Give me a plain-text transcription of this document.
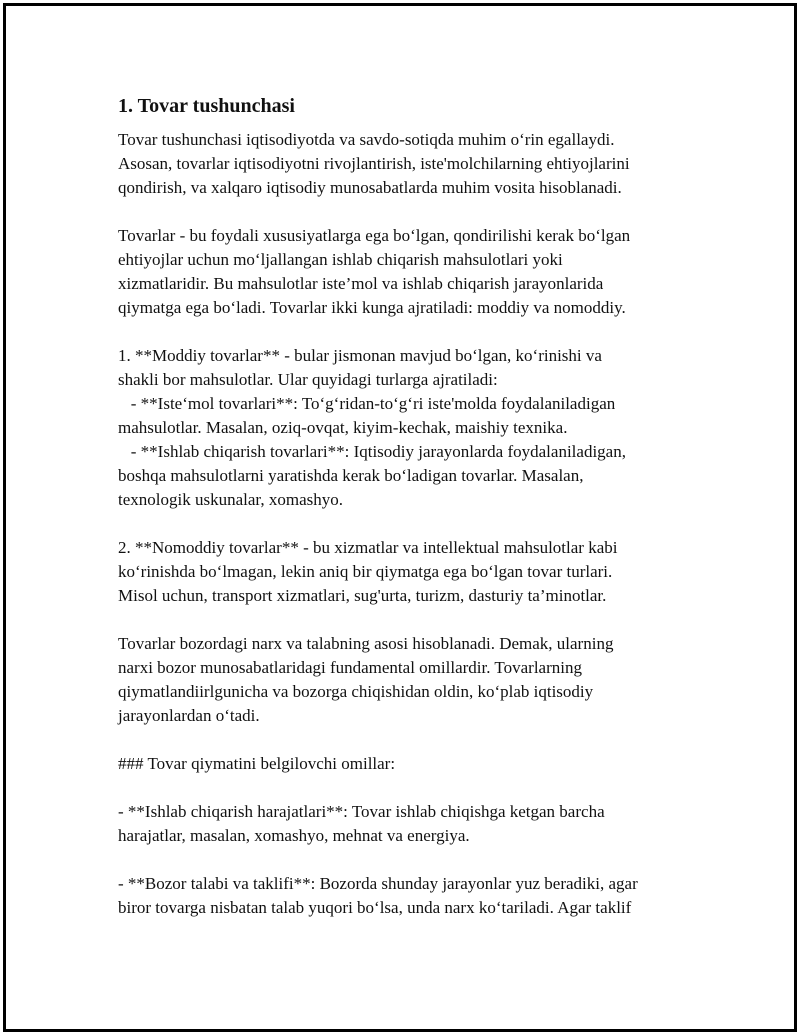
1. Tovar tushunchasi
Tovar tushunchasi iqtisodiyotda va savdo-sotiqda muhim o‘rin egallaydi.
Asosan, tovarlar iqtisodiyotni rivojlantirish, iste'molchilarning ehtiyojlarini
qondirish, va xalqaro iqtisodiy munosabatlarda muhim vosita hisoblanadi.
Tovarlar - bu foydali xususiyatlarga ega bo‘lgan, qondirilishi kerak bo‘lgan
ehtiyojlar uchun mo‘ljallangan ishlab chiqarish mahsulotlari yoki
xizmatlaridir. Bu mahsulotlar iste’mol va ishlab chiqarish jarayonlarida
qiymatga ega bo‘ladi. Tovarlar ikki kunga ajratiladi: moddiy va nomoddiy.
1. **Moddiy tovarlar** - bular jismonan mavjud bo‘lgan, ko‘rinishi va
shakli bor mahsulotlar. Ular quyidagi turlarga ajratiladi:
- **Iste‘mol tovarlari**: To‘g‘ridan-to‘g‘ri iste'molda foydalaniladigan
mahsulotlar. Masalan, oziq-ovqat, kiyim-kechak, maishiy texnika.
- **Ishlab chiqarish tovarlari**: Iqtisodiy jarayonlarda foydalaniladigan,
boshqa mahsulotlarni yaratishda kerak bo‘ladigan tovarlar. Masalan,
texnologik uskunalar, xomashyo.
2. **Nomoddiy tovarlar** - bu xizmatlar va intellektual mahsulotlar kabi
ko‘rinishda bo‘lmagan, lekin aniq bir qiymatga ega bo‘lgan tovar turlari.
Misol uchun, transport xizmatlari, sug'urta, turizm, dasturiy ta’minotlar.
Tovarlar bozordagi narx va talabning asosi hisoblanadi. Demak, ularning
narxi bozor munosabatlaridagi fundamental omillardir. Tovarlarning
qiymatlandiirlgunicha va bozorga chiqishidan oldin, ko‘plab iqtisodiy
jarayonlardan o‘tadi.
### Tovar qiymatini belgilovchi omillar:
- **Ishlab chiqarish harajatlari**: Tovar ishlab chiqishga ketgan barcha
harajatlar, masalan, xomashyo, mehnat va energiya.
- **Bozor talabi va taklifi**: Bozorda shunday jarayonlar yuz beradiki, agar
biror tovarga nisbatan talab yuqori bo‘lsa, unda narx ko‘tariladi. Agar taklif
